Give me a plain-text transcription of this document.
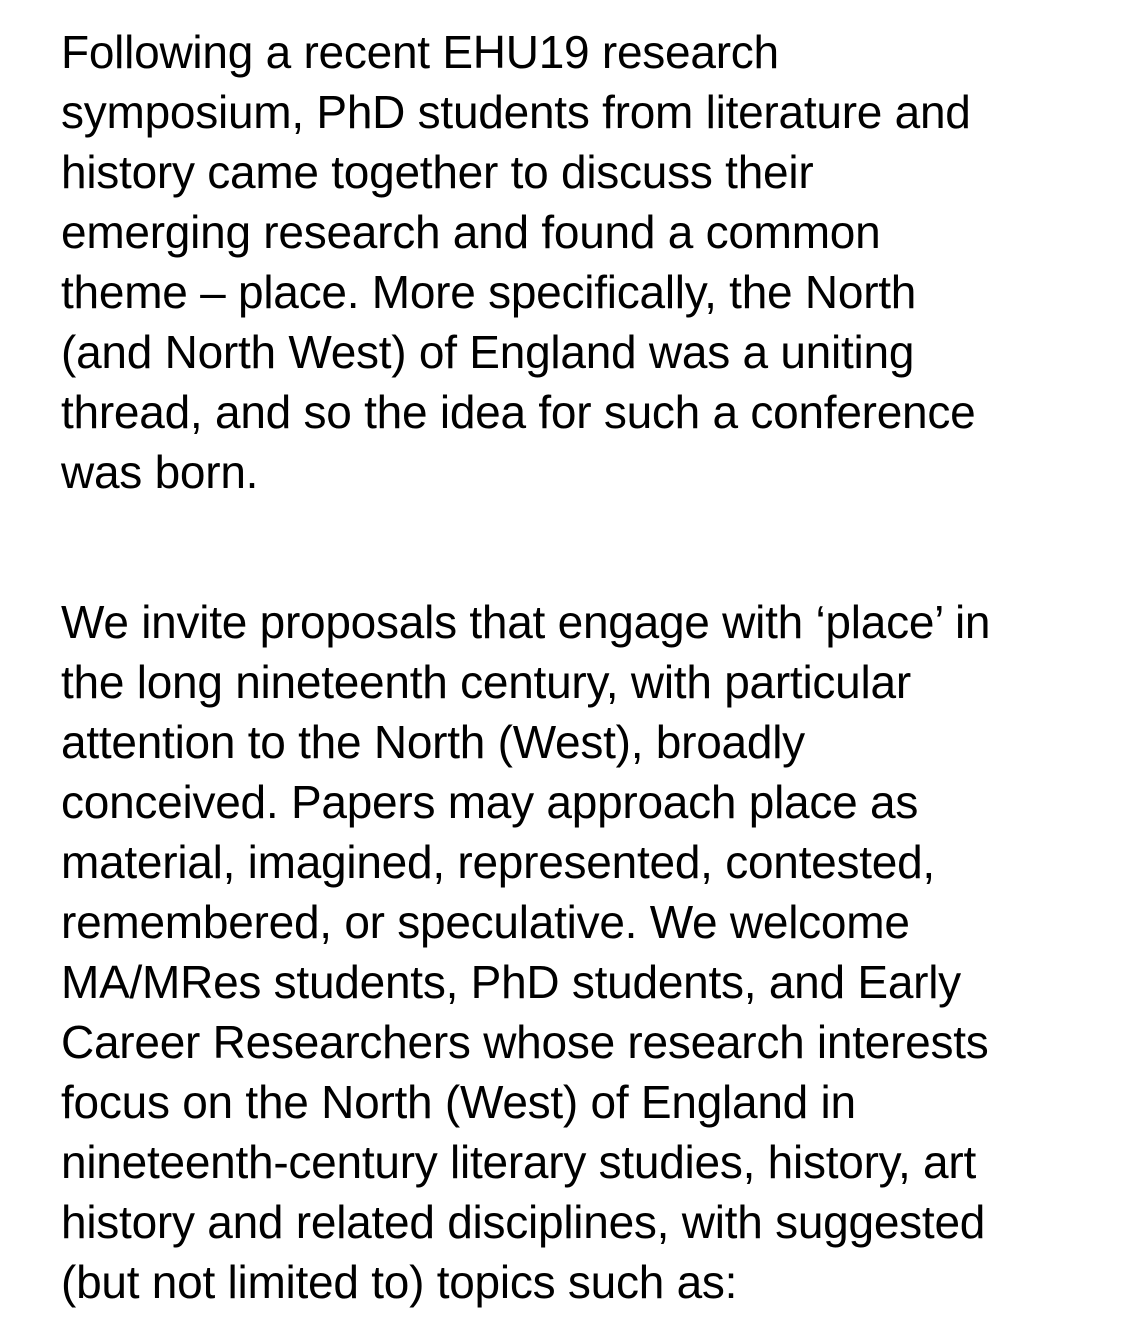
Following a recent EHU19 research
symposium, PhD students from literature and
history came together to discuss their
emerging research and found a common
theme – place. More specifically, the North
(and North West) of England was a uniting
thread, and so the idea for such a conference
was born.
We invite proposals that engage with ‘place’ in
the long nineteenth century, with particular
attention to the North (West), broadly
conceived. Papers may approach place as
material, imagined, represented, contested,
remembered, or speculative. We welcome
MA/MRes students, PhD students, and Early
Career Researchers whose research interests
focus on the North (West) of England in
nineteenth-century literary studies, history, art
history and related disciplines, with suggested
(but not limited to) topics such as:
